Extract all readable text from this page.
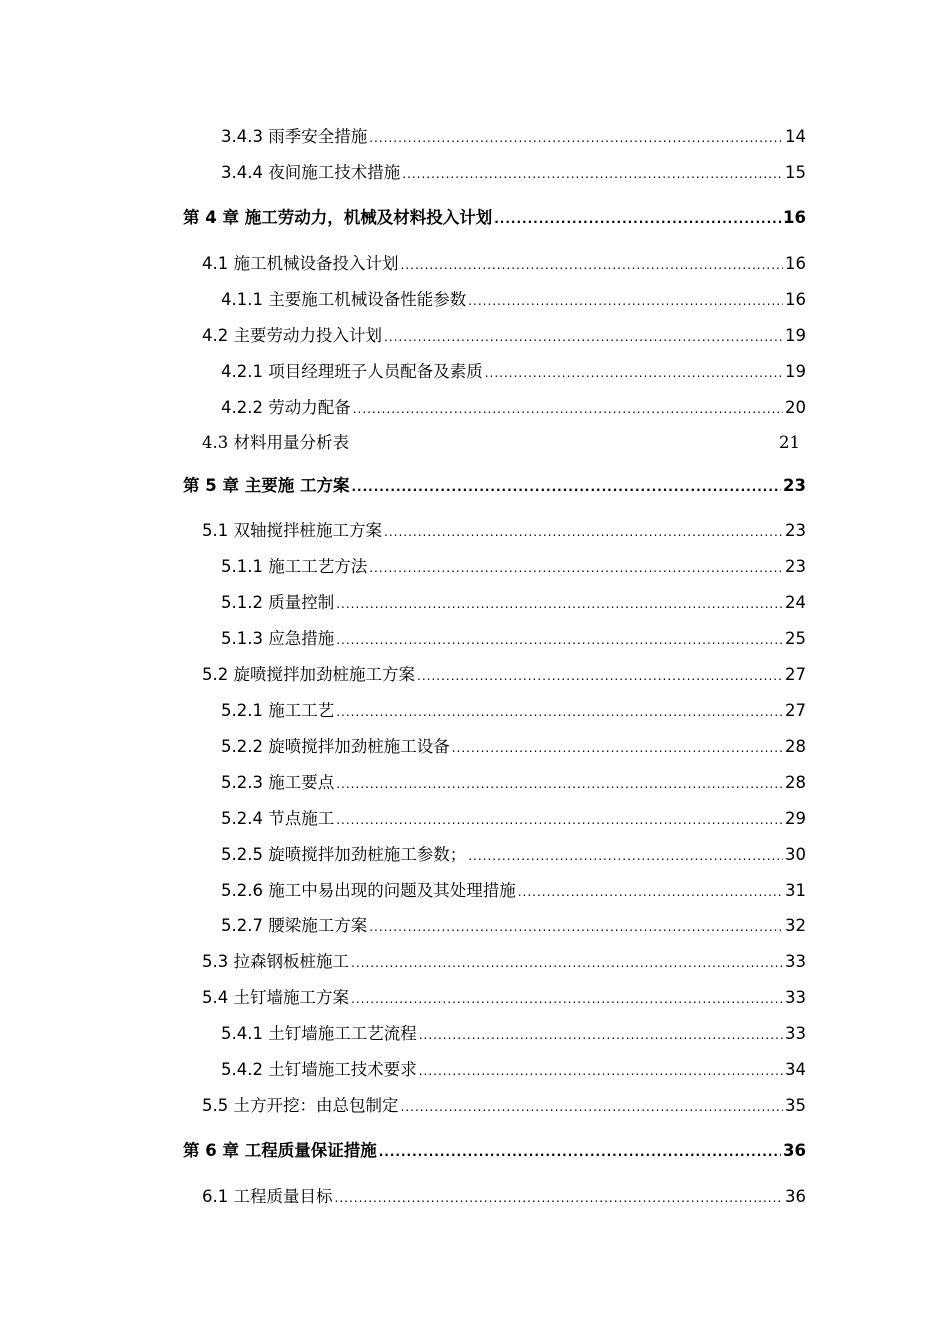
3.4.3 雨季安全措施 .....	14
3.4.4 夜间施工技术措施 .....	15
第 4 章 施工劳动力，机械及材料投入计划 .....	16
4.1 施工机械设备投入计划 .....	16
4.1.1 主要施工机械设备性能参数 .....	16
4.2 主要劳动力投入计划 .....	19
4.2.1 项目经理班子人员配备及素质 .....	19
4.2.2 劳动力配备 .....	20
4.3 材料用量分析表	21
第 5 章 主要施 工方案 .....	23
5.1 双轴搅拌桩施工方案 .....	23
5.1.1 施工工艺方法 .....	23
5.1.2 质量控制 .....	24
5.1.3 应急措施 .....	25
5.2 旋喷搅拌加劲桩施工方案 .....	27
5.2.1 施工工艺 .....	27
5.2.2 旋喷搅拌加劲桩施工设备 .....	28
5.2.3 施工要点 .....	28
5.2.4 节点施工 .....	29
5.2.5 旋喷搅拌加劲桩施工参数； .....	30
5.2.6 施工中易出现的问题及其处理措施 .....	31
5.2.7 腰梁施工方案 .....	32
5.3 拉森钢板桩施工 .....	33
5.4 土钉墙施工方案 .....	33
5.4.1 土钉墙施工工艺流程 .....	33
5.4.2 土钉墙施工技术要求 .....	34
5.5 土方开挖：由总包制定 .....	35
第 6 章 工程质量保证措施 .....	36
6.1 工程质量目标 .....	36
